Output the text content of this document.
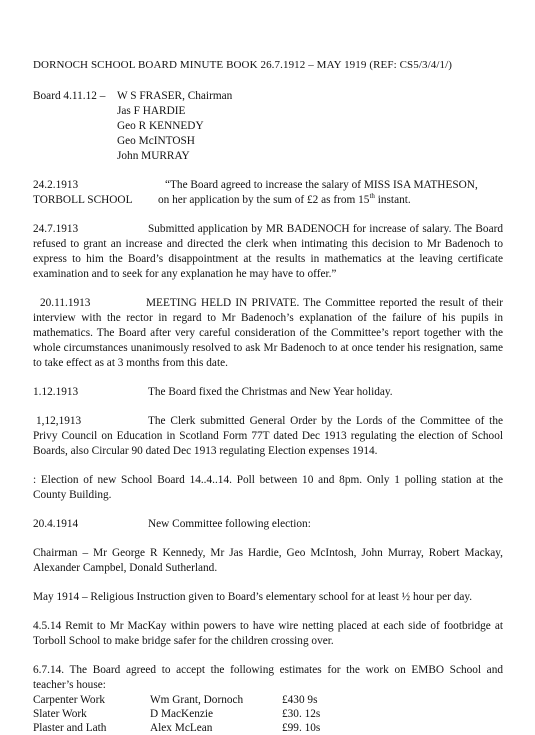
DORNOCH SCHOOL BOARD MINUTE BOOK 26.7.1912 – MAY 1919 (REF: CS5/3/4/1/)
Board 4.11.12 –	W S FRASER, Chairman
Jas F HARDIE
Geo R KENNEDY
Geo McINTOSH
John MURRAY
24.2.1913	“The Board agreed to increase the salary of MISS ISA MATHESON,
TORBOLL SCHOOL	on her application by the sum of £2 as from 15th instant.
24.7.1913	Submitted application by MR BADENOCH for increase of salary. The Board refused to grant an increase and directed the clerk when intimating this decision to Mr Badenoch to express to him the Board’s disappointment at the results in mathematics at the leaving certificate examination and to seek for any explanation he may have to offer.”
20.11.1913	MEETING HELD IN PRIVATE. The Committee reported the result of their interview with the rector in regard to Mr Badenoch’s explanation of the failure of his pupils in mathematics. The Board after very careful consideration of the Committee’s report together with the whole circumstances unanimously resolved to ask Mr Badenoch to at once tender his resignation, same to take effect as at 3 months from this date.
1.12.1913	The Board fixed the Christmas and New Year holiday.
1,12,1913	The Clerk submitted General Order by the Lords of the Committee of the Privy Council on Education in Scotland Form 77T dated Dec 1913 regulating the election of School Boards, also Circular 90 dated Dec 1913 regulating Election expenses 1914.
: Election of new School Board 14..4..14. Poll between 10 and 8pm. Only 1 polling station at the County Building.
20.4.1914	New Committee following election:
Chairman – Mr George R Kennedy, Mr Jas Hardie, Geo McIntosh, John Murray, Robert Mackay, Alexander Campbel, Donald Sutherland.
May 1914 – Religious Instruction given to Board’s elementary school for at least ½ hour per day.
4.5.14 Remit to Mr MacKay within powers to have wire netting placed at each side of footbridge at Torboll School to make bridge safer for the children crossing over.
6.7.14. The Board agreed to accept the following estimates for the work on EMBO School and teacher’s house:
Carpenter Work	Wm Grant, Dornoch	£430 9s
Slater Work	D MacKenzie	£30. 12s
Plaster and Lath	Alex McLean	£99. 10s
